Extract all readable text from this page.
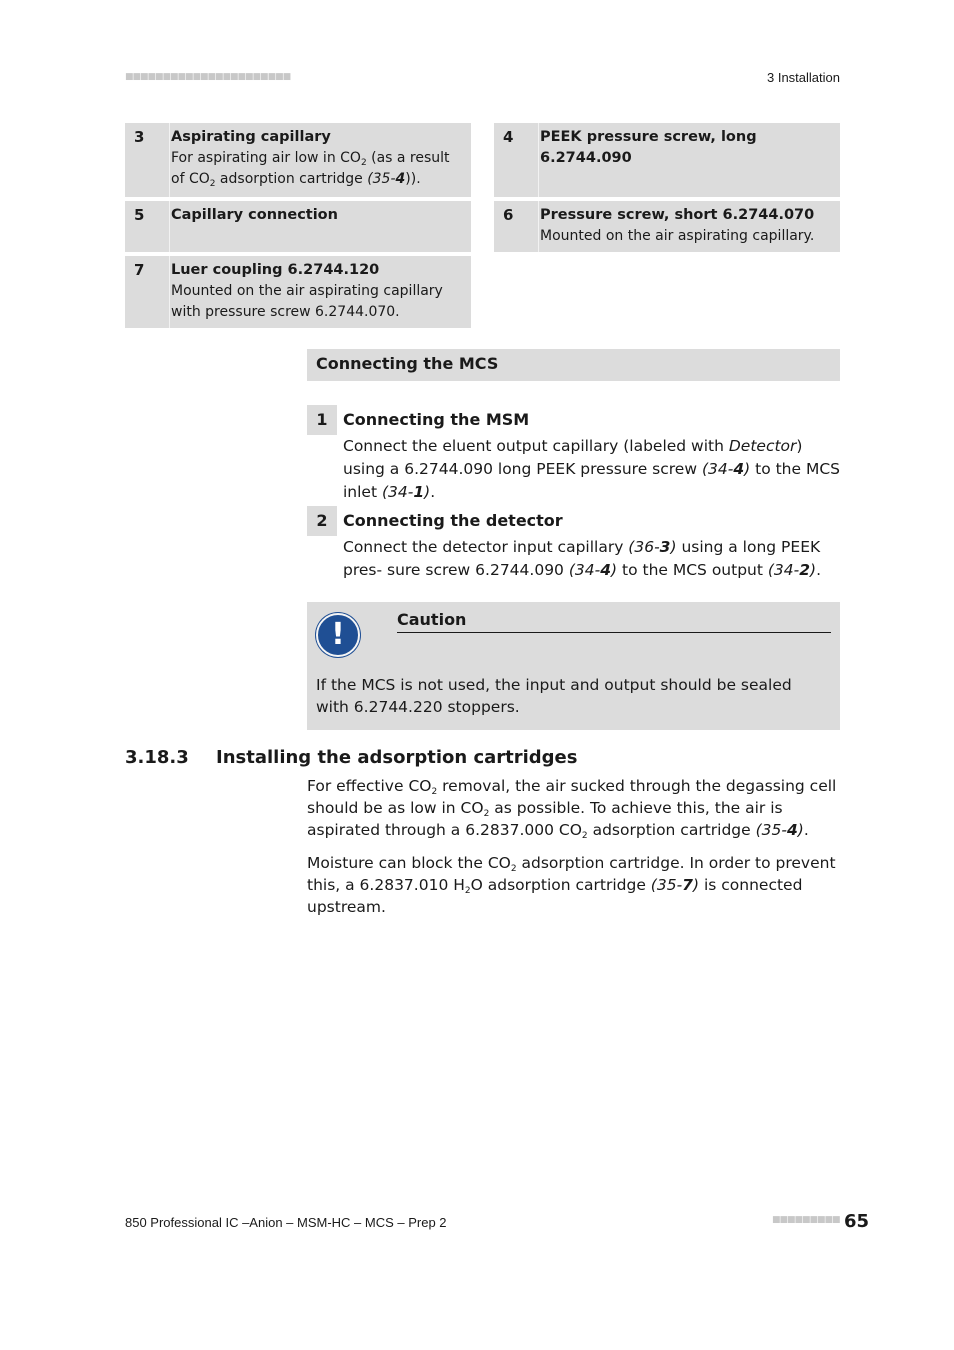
■■■■■■■■■■■■■■■■■■■■■■	3 Installation
3 Aspirating capillary
For aspirating air low in $CO_2$ (as a result of $CO_2$ adsorption cartridge (35-4)).
4 PEEK pressure screw, long 6.2744.090
5 Capillary connection	6 Pressure screw, short 6.2744.070
Mounted on the air aspirating capillary.
7 Luer coupling 6.2744.120
Mounted on the air aspirating capillary with pressure screw 6.2744.070.
Connecting the MCS
1 Connecting the MSM
Connect the eluent output capillary (labeled with Detector) using a 6.2744.090 long PEEK pressure screw (34-4) to the MCS inlet (34-1).
2 Connecting the detector
Connect the detector input capillary (36-3) using a long PEEK pres- sure screw 6.2744.090 (34-4) to the MCS output (34-2).
!	Caution
If the MCS is not used, the input and output should be sealed with 6.2744.220 stoppers.
3.18.3 Installing the adsorption cartridges
For effective $CO_2$ removal, the air sucked through the degassing cell should be as low in $CO_2$ as possible. To achieve this, the air is aspirated through a 6.2837.000 $CO_2$ adsorption cartridge (35-4).
Moisture can block the $CO_2$ adsorption cartridge. In order to prevent this, a 6.2837.010 $H_2O$ adsorption cartridge (35-7) is connected upstream.
850 Professional IC –Anion – MSM-HC – MCS – Prep 2	■■■■■■■■■ 65
